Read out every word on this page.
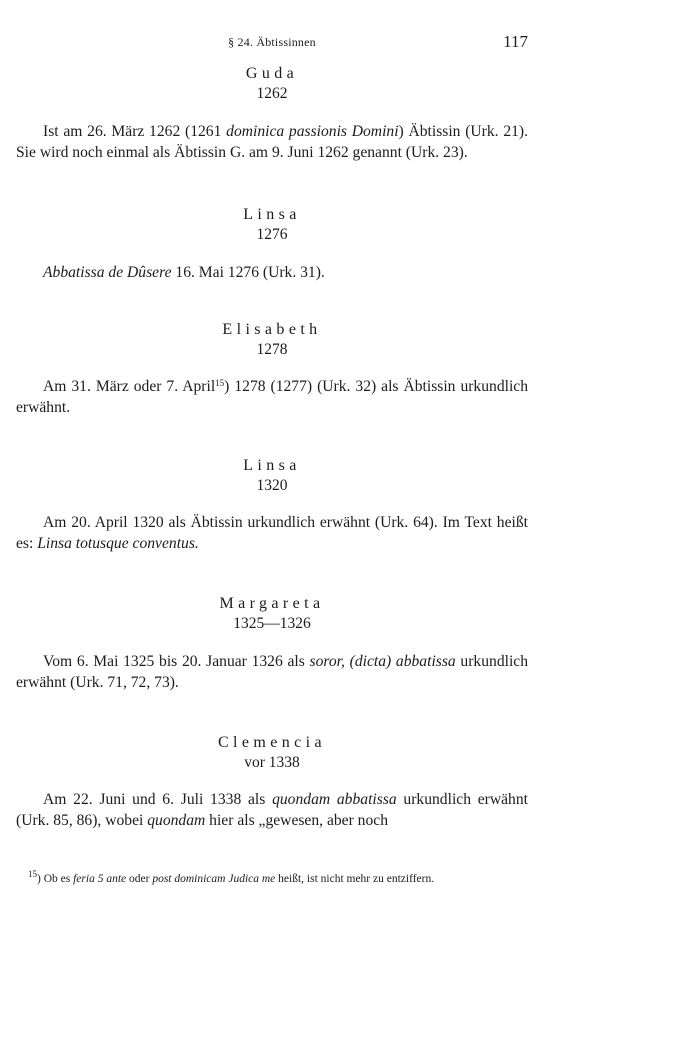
§ 24. Äbtissinnen	117
Guda
1262

Ist am 26. März 1262 (1261 dominica passionis Domini) Äbtissin (Urk. 21). Sie wird noch einmal als Äbtissin G. am 9. Juni 1262 genannt (Urk. 23).

Linsa
1276

Abbatissa de Dûsere 16. Mai 1276 (Urk. 31).

Elisabeth
1278

Am 31. März oder 7. April$^{15}$) 1278 (1277) (Urk. 32) als Äbtissin urkundlich erwähnt.

Linsa
1320

Am 20. April 1320 als Äbtissin urkundlich erwähnt (Urk. 64). Im Text heißt es: Linsa totusque conventus.

Margareta
1325—1326

Vom 6. Mai 1325 bis 20. Januar 1326 als soror, (dicta) abbatissa urkundlich erwähnt (Urk. 71, 72, 73).

Clemencia
vor 1338

Am 22. Juni und 6. Juli 1338 als quondam abbatissa urkundlich erwähnt (Urk. 85, 86), wobei quondam hier als „gewesen, aber noch

$^{15}$) Ob es feria 5 ante oder post dominicam Judica me heißt, ist nicht mehr zu entziffern.
